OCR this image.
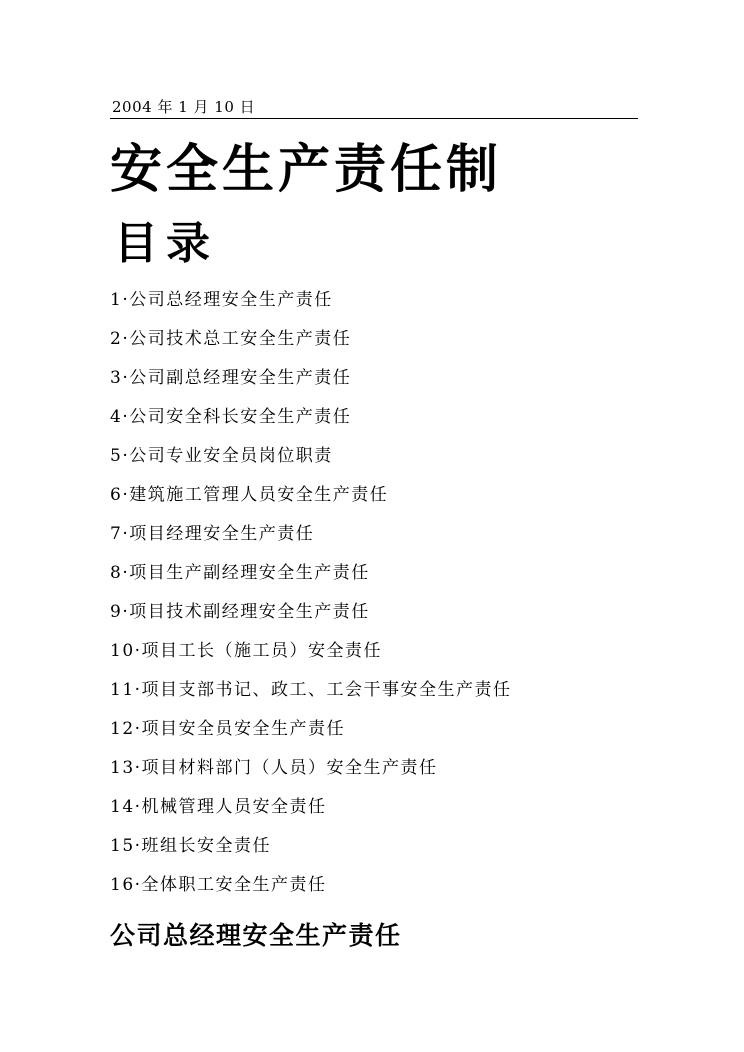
2004 年 1 月 10 日
安全生产责任制
目录
1·公司总经理安全生产责任
2·公司技术总工安全生产责任
3·公司副总经理安全生产责任
4·公司安全科长安全生产责任
5·公司专业安全员岗位职责
6·建筑施工管理人员安全生产责任
7·项目经理安全生产责任
8·项目生产副经理安全生产责任
9·项目技术副经理安全生产责任
10·项目工长（施工员）安全责任
11·项目支部书记、政工、工会干事安全生产责任
12·项目安全员安全生产责任
13·项目材料部门（人员）安全生产责任
14·机械管理人员安全责任
15·班组长安全责任
16·全体职工安全生产责任
公司总经理安全生产责任
